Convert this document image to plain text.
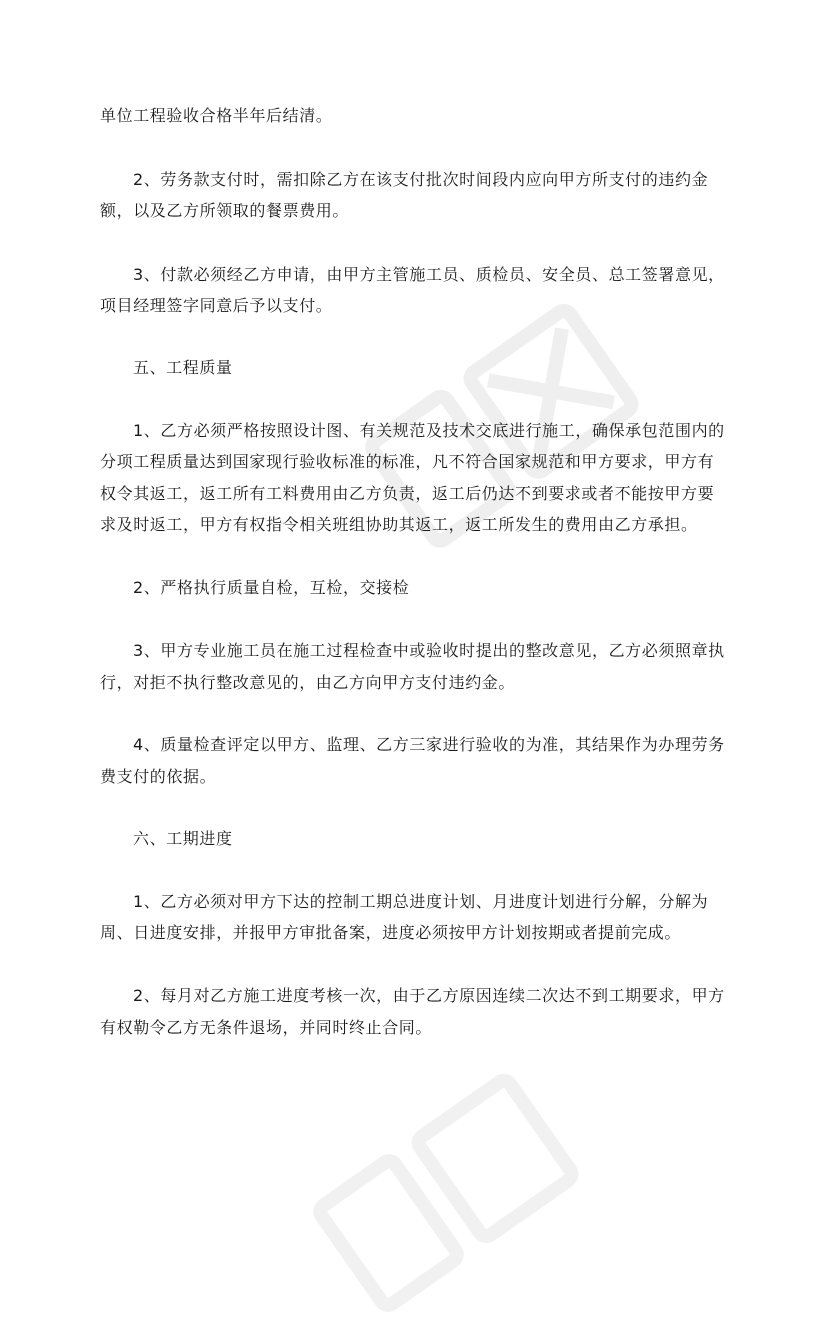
单位工程验收合格半年后结清。
2、劳务款支付时，需扣除乙方在该支付批次时间段内应向甲方所支付的违约金
额，以及乙方所领取的餐票费用。
3、付款必须经乙方申请，由甲方主管施工员、质检员、安全员、总工签署意见，
项目经理签字同意后予以支付。
五、工程质量
1、乙方必须严格按照设计图、有关规范及技术交底进行施工，确保承包范围内的
分项工程质量达到国家现行验收标准的标准，凡不符合国家规范和甲方要求，甲方有
权令其返工，返工所有工料费用由乙方负责，返工后仍达不到要求或者不能按甲方要
求及时返工，甲方有权指令相关班组协助其返工，返工所发生的费用由乙方承担。
2、严格执行质量自检，互检，交接检
3、甲方专业施工员在施工过程检查中或验收时提出的整改意见，乙方必须照章执
行，对拒不执行整改意见的，由乙方向甲方支付违约金。
4、质量检查评定以甲方、监理、乙方三家进行验收的为准，其结果作为办理劳务
费支付的依据。
六、工期进度
1、乙方必须对甲方下达的控制工期总进度计划、月进度计划进行分解，分解为
周、日进度安排，并报甲方审批备案，进度必须按甲方计划按期或者提前完成。
2、每月对乙方施工进度考核一次，由于乙方原因连续二次达不到工期要求，甲方
有权勒令乙方无条件退场，并同时终止合同。
